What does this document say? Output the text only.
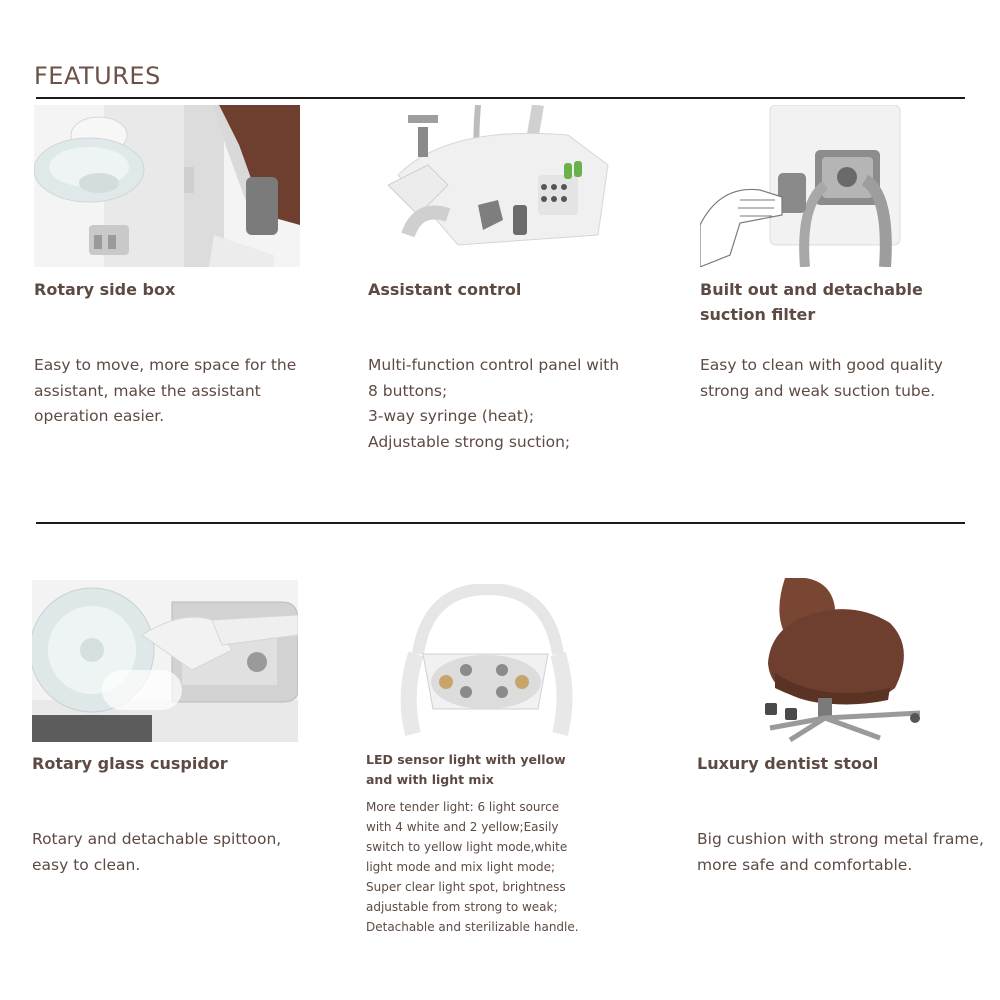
FEATURES
Rotary side box
Easy to move, more space for the
assistant, make the assistant
operation easier.
Assistant control
Multi-function control panel with
8 buttons;
3-way syringe (heat);
Adjustable strong suction;
Built out and detachable
suction filter
Easy to clean with good quality
strong and weak suction tube.
Rotary glass cuspidor
Rotary and detachable spittoon,
easy to clean.
LED sensor light with yellow
and with light mix
More tender light: 6 light source
with 4 white and 2 yellow;Easily
switch to yellow light mode,white
light mode and mix light mode;
Super clear light spot, brightness
adjustable from strong to weak;
Detachable and sterilizable handle.
Luxury dentist stool
Big cushion with strong metal frame,
more safe and comfortable.
